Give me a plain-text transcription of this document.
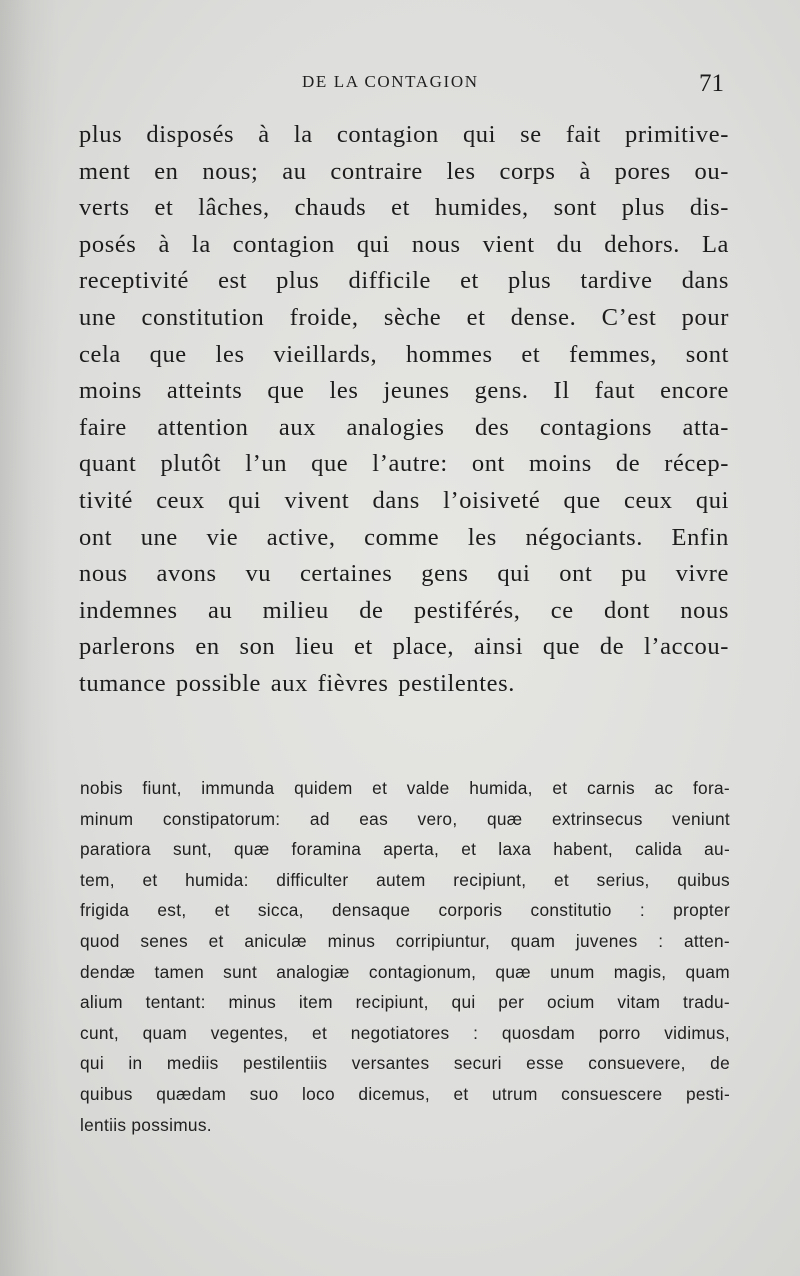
DE LA CONTAGION	71
plus disposés à la contagion qui se fait primitive-
ment en nous; au contraire les corps à pores ou-
verts et lâches, chauds et humides, sont plus dis-
posés à la contagion qui nous vient du dehors. La
receptivité est plus difficile et plus tardive dans
une constitution froide, sèche et dense. C’est pour
cela que les vieillards, hommes et femmes, sont
moins atteints que les jeunes gens. Il faut encore
faire attention aux analogies des contagions atta-
quant plutôt l’un que l’autre: ont moins de récep-
tivité ceux qui vivent dans l’oisiveté que ceux qui
ont une vie active, comme les négociants. Enfin
nous avons vu certaines gens qui ont pu vivre
indemnes au milieu de pestiférés, ce dont nous
parlerons en son lieu et place, ainsi que de l’accou-
tumance possible aux fièvres pestilentes.
nobis fiunt, immunda quidem et valde humida, et carnis ac fora-
minum constipatorum: ad eas vero, quæ extrinsecus veniunt
paratiora sunt, quæ foramina aperta, et laxa habent, calida au-
tem, et humida: difficulter autem recipiunt, et serius, quibus
frigida est, et sicca, densaque corporis constitutio : propter
quod senes et aniculæ minus corripiuntur, quam juvenes : atten-
dendæ tamen sunt analogiæ contagionum, quæ unum magis, quam
alium tentant: minus item recipiunt, qui per ocium vitam tradu-
cunt, quam vegentes, et negotiatores : quosdam porro vidimus,
qui in mediis pestilentiis versantes securi esse consuevere, de
quibus quædam suo loco dicemus, et utrum consuescere pesti-
lentiis possimus.
